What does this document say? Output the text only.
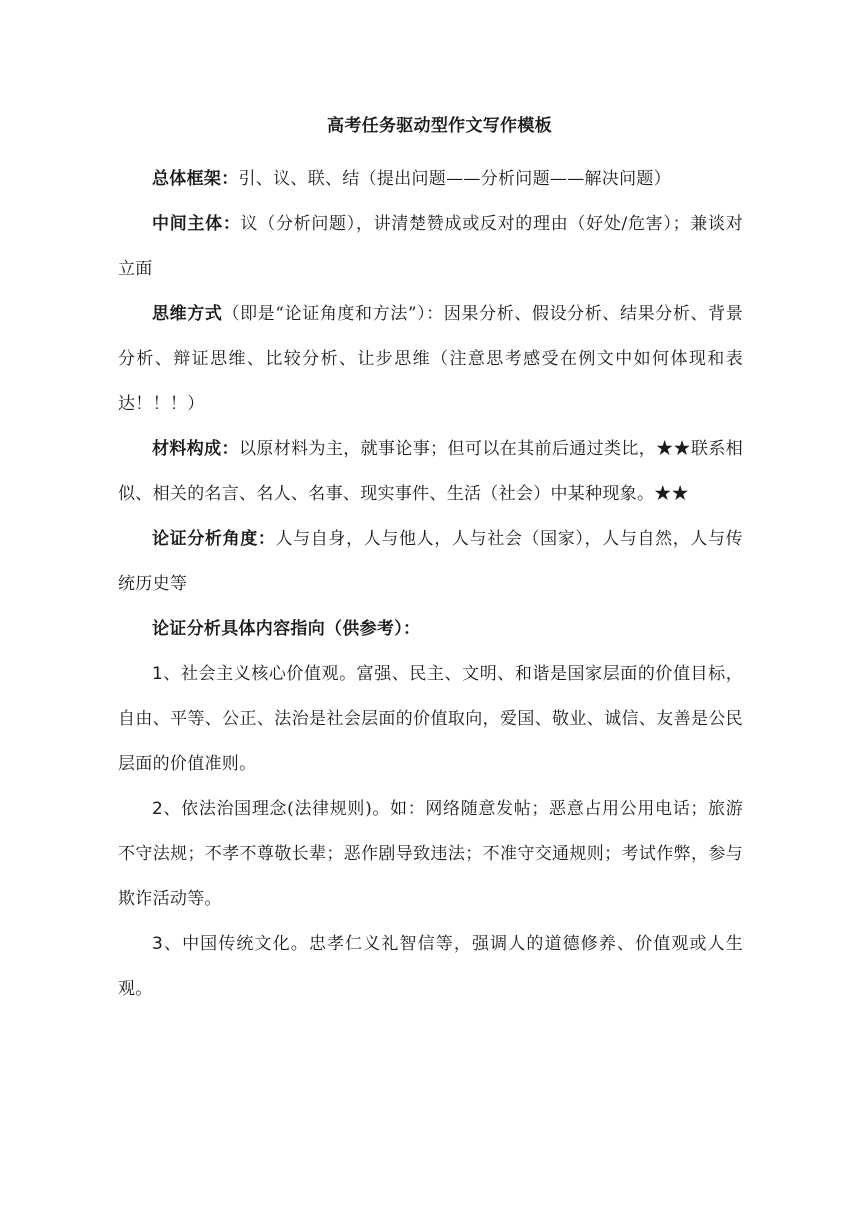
高考任务驱动型作文写作模板

总体框架：引、议、联、结（提出问题——分析问题——解决问题）

中间主体：议（分析问题），讲清楚赞成或反对的理由（好处/危害）；兼谈对立面

思维方式（即是“论证角度和方法”）：因果分析、假设分析、结果分析、背景分析、辩证思维、比较分析、让步思维（注意思考感受在例文中如何体现和表达！！！）

材料构成：以原材料为主，就事论事；但可以在其前后通过类比，★★联系相似、相关的名言、名人、名事、现实事件、生活（社会）中某种现象。★★

论证分析角度：人与自身，人与他人，人与社会（国家），人与自然，人与传统历史等

论证分析具体内容指向（供参考）：

1、社会主义核心价值观。富强、民主、文明、和谐是国家层面的价值目标，自由、平等、公正、法治是社会层面的价值取向，爱国、敬业、诚信、友善是公民层面的价值准则。

2、依法治国理念(法律规则)。如：网络随意发帖；恶意占用公用电话；旅游不守法规；不孝不尊敬长辈；恶作剧导致违法；不准守交通规则；考试作弊，参与欺诈活动等。

3、中国传统文化。忠孝仁义礼智信等，强调人的道德修养、价值观或人生观。
